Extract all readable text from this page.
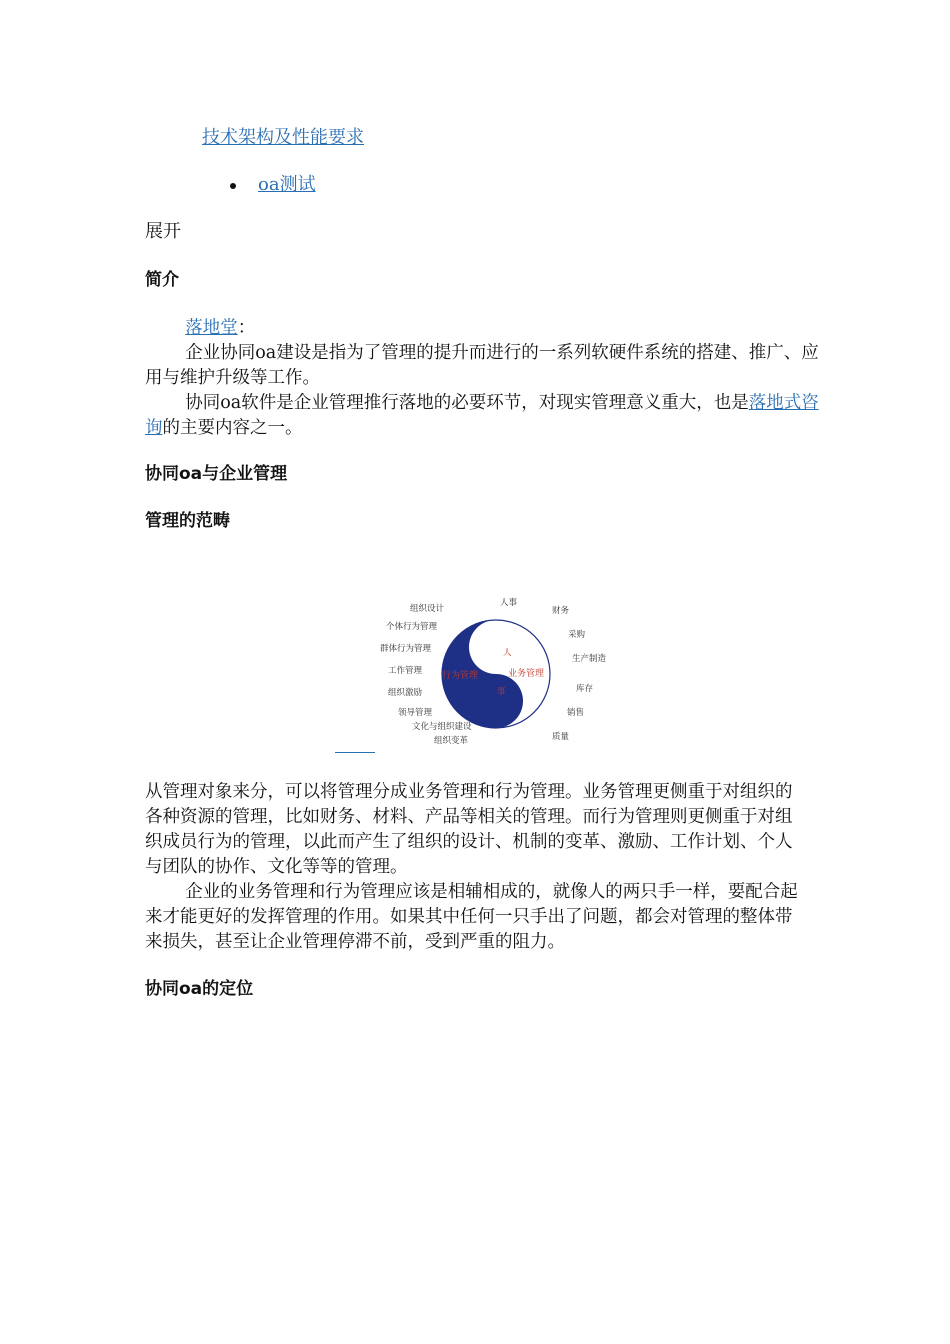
技术架构及性能要求
oa测试
展开
简介

落地堂：

企业协同oa建设是指为了管理的提升而进行的一系列软硬件系统的搭建、推广、应用与维护升级等工作。

协同oa软件是企业管理推行落地的必要环节，对现实管理意义重大，也是落地式咨询的主要内容之一。

协同oa与企业管理
管理的范畴
行为管理	业务管理
人
事
组织设计
个体行为管理
群体行为管理
工作管理
组织激励
领导管理
文化与组织建设
组织变革
人事
财务
采购
生产制造
库存
销售
质量

从管理对象来分，可以将管理分成业务管理和行为管理。业务管理更侧重于对组织的各种资源的管理，比如财务、材料、产品等相关的管理。而行为管理则更侧重于对组织成员行为的管理，以此而产生了组织的设计、机制的变革、激励、工作计划、个人与团队的协作、文化等等的管理。

企业的业务管理和行为管理应该是相辅相成的，就像人的两只手一样，要配合起来才能更好的发挥管理的作用。如果其中任何一只手出了问题，都会对管理的整体带来损失，甚至让企业管理停滞不前，受到严重的阻力。

协同oa的定位
